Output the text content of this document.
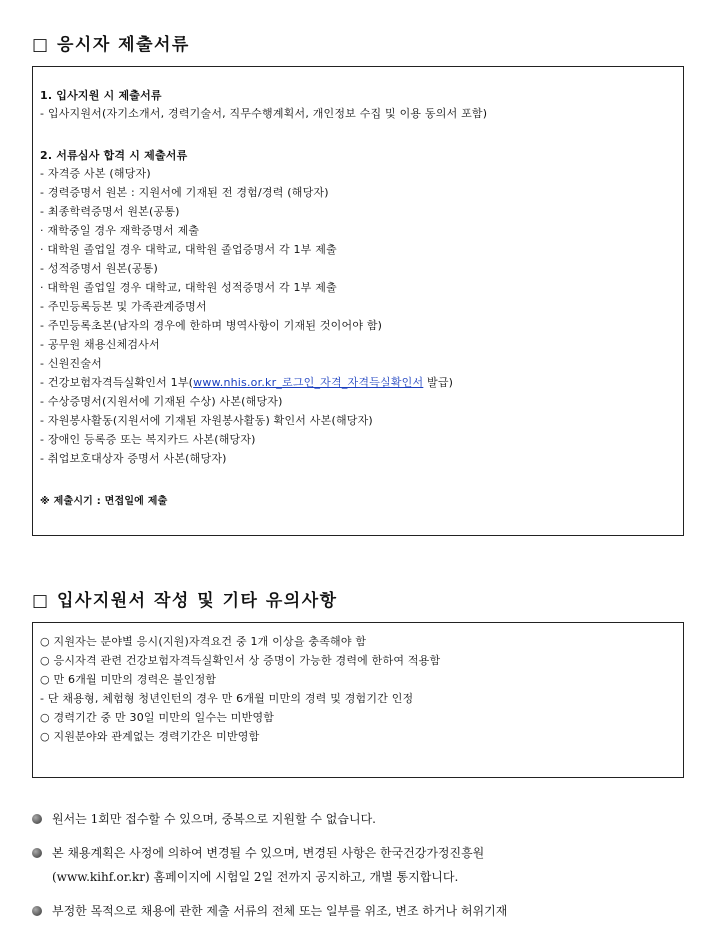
□ 응시자 제출서류
1. 입사지원 시 제출서류
- 입사지원서(자기소개서, 경력기술서, 직무수행계획서, 개인정보 수집 및 이용 동의서 포함)
2. 서류심사 합격 시 제출서류
- 자격증 사본 (해당자)
- 경력증명서 원본 : 지원서에 기재된 전 경험/경력 (해당자)
- 최종학력증명서 원본(공통)
· 재학중일 경우 재학증명서 제출
· 대학원 졸업일 경우 대학교, 대학원 졸업증명서 각 1부 제출
- 성적증명서 원본(공통)
· 대학원 졸업일 경우 대학교, 대학원 성적증명서 각 1부 제출
- 주민등록등본 및 가족관계증명서
- 주민등록초본(남자의 경우에 한하며 병역사항이 기재된 것이어야 함)
- 공무원 채용신체검사서
- 신원진술서
- 건강보험자격득실확인서 1부(www.nhis.or.kr_로그인_자격_자격득실확인서 발급)
- 수상증명서(지원서에 기재된 수상) 사본(해당자)
- 자원봉사활동(지원서에 기재된 자원봉사활동) 확인서 사본(해당자)
- 장애인 등록증 또는 복지카드 사본(해당자)
- 취업보호대상자 증명서 사본(해당자)
※ 제출시기 : 면접일에 제출
□ 입사지원서 작성 및 기타 유의사항
○ 지원자는 분야별 응시(지원)자격요건 중 1개 이상을 충족해야 함
○ 응시자격 관련 건강보험자격득실확인서 상 증명이 가능한 경력에 한하여 적용함
○ 만 6개월 미만의 경력은 불인정함
- 단 채용형, 체험형 청년인턴의 경우 만 6개월 미만의 경력 및 경험기간 인정
○ 경력기간 중 만 30일 미만의 일수는 미반영함
○ 지원분야와 관계없는 경력기간은 미반영함
원서는 1회만 접수할 수 있으며, 중복으로 지원할 수 없습니다.
본 채용계획은 사정에 의하여 변경될 수 있으며, 변경된 사항은 한국건강가정진흥원
(www.kihf.or.kr) 홈페이지에 시험일 2일 전까지 공지하고, 개별 통지합니다.
부정한 목적으로 채용에 관한 제출 서류의 전체 또는 일부를 위조, 변조 하거나 허위기재
